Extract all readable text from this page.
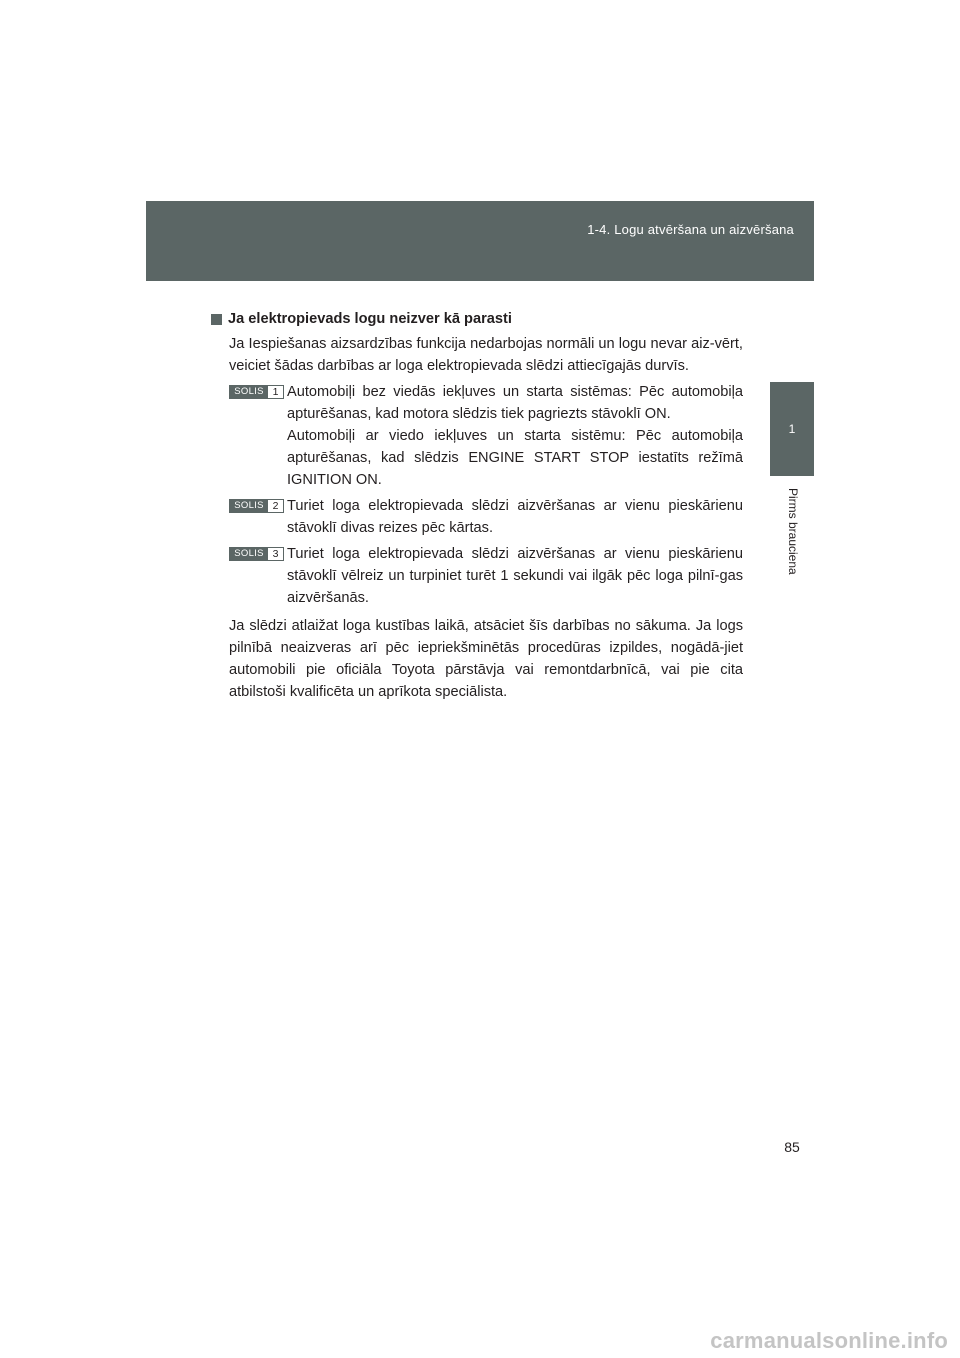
1-4. Logu atvēršana un aizvēršana
1
Pirms brauciena
Ja elektropievads logu neizver kā parasti
Ja Iespiešanas aizsardzības funkcija nedarbojas normāli un logu nevar aiz-vērt, veiciet šādas darbības ar loga elektropievada slēdzi attiecīgajās durvīs.
SOLIS 1 Automobiļi bez viedās iekļuves un starta sistēmas: Pēc automobiļa apturēšanas, kad motora slēdzis tiek pagriezts stāvoklī ON.

Automobiļi ar viedo iekļuves un starta sistēmu: Pēc automobiļa apturēšanas, kad slēdzis ENGINE START STOP iestatīts režīmā IGNITION ON.

SOLIS 2 Turiet loga elektropievada slēdzi aizvēršanas ar vienu pieskārienu stāvoklī divas reizes pēc kārtas.

SOLIS 3 Turiet loga elektropievada slēdzi aizvēršanas ar vienu pieskārienu stāvoklī vēlreiz un turpiniet turēt 1 sekundi vai ilgāk pēc loga pilnī-gas aizvēršanās.

Ja slēdzi atlaižat loga kustības laikā, atsāciet šīs darbības no sākuma. Ja logs pilnībā neaizveras arī pēc iepriekšminētās procedūras izpildes, nogādā-jiet automobili pie oficiāla Toyota pārstāvja vai remontdarbnīcā, vai pie cita atbilstoši kvalificēta un aprīkota speciālista.
85
carmanualsonline.info
